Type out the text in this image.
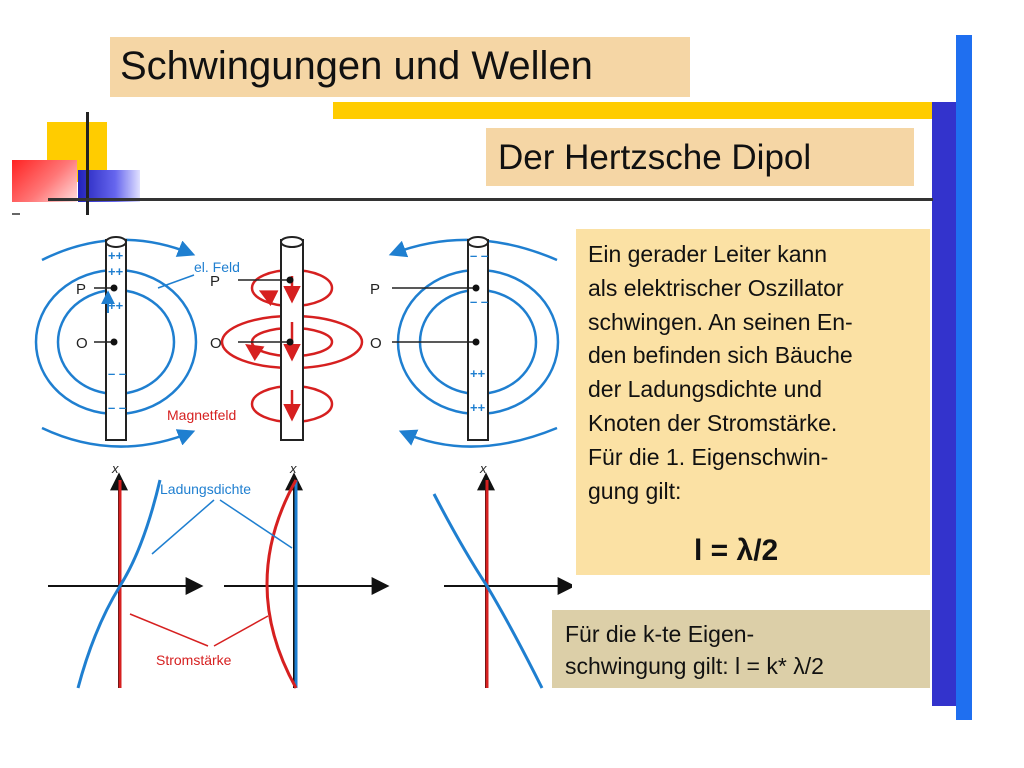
Schwingungen und Wellen
Der Hertzsche Dipol
Ein gerader Leiter kann
als elektrischer Oszillator
schwingen. An seinen En-
den befinden sich Bäuche
der Ladungsdichte und
Knoten der Stromstärke.
Für die 1. Eigenschwin-
gung gilt:
l = λ/2
Für die k-te Eigen-
schwingung gilt: l = k* λ/2
++
++
++
– –
– –
P
O
el. Feld
P
O
Magnetfeld
– –
– –
++
++
P
O
x	x	x
Ladungsdichte
Stromstärke
